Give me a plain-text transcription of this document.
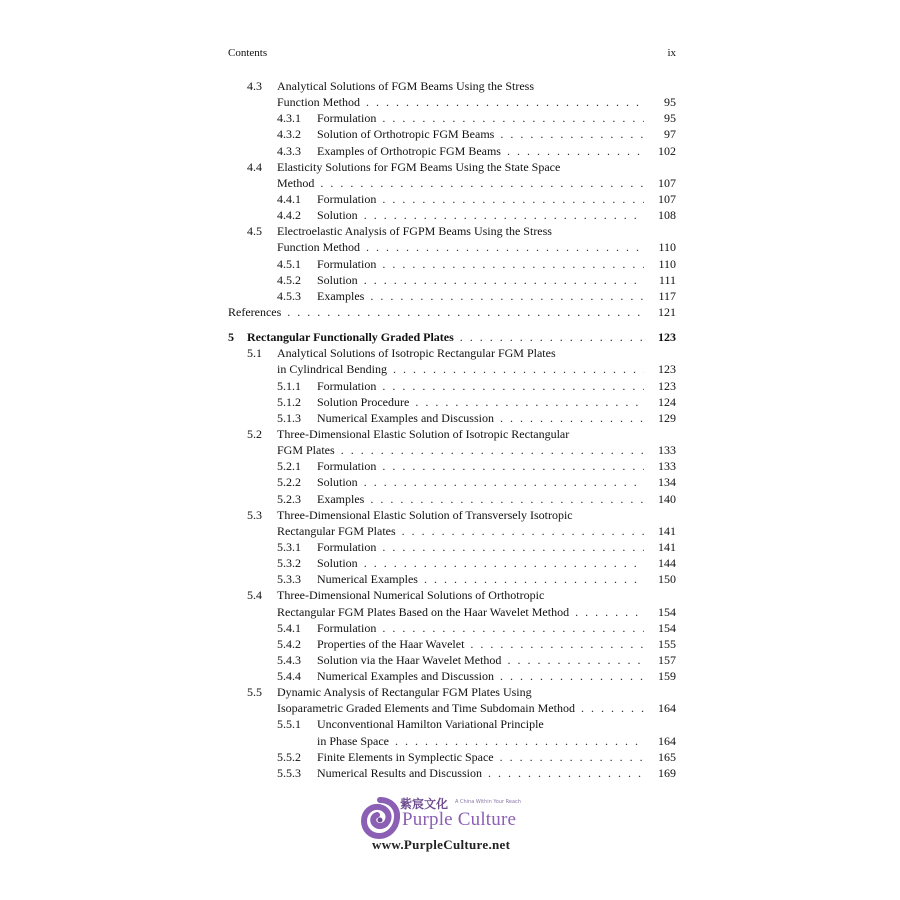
Contents	ix
4.3 Analytical Solutions of FGM Beams Using the Stress
Function Method . . .	95
4.3.1 Formulation . . .	95
4.3.2 Solution of Orthotropic FGM Beams . . .	97
4.3.3 Examples of Orthotropic FGM Beams . . .	102
4.4 Elasticity Solutions for FGM Beams Using the State Space
Method . . .	107
4.4.1 Formulation . . .	107
4.4.2 Solution . . .	108
4.5 Electroelastic Analysis of FGPM Beams Using the Stress
Function Method . . .	110
4.5.1 Formulation . . .	110
4.5.2 Solution . . .	111
4.5.3 Examples . . .	117
References . . .	121
5 Rectangular Functionally Graded Plates . . .	123
5.1 Analytical Solutions of Isotropic Rectangular FGM Plates
in Cylindrical Bending . . .	123
5.1.1 Formulation . . .	123
5.1.2 Solution Procedure . . .	124
5.1.3 Numerical Examples and Discussion . . .	129
5.2 Three-Dimensional Elastic Solution of Isotropic Rectangular
FGM Plates . . .	133
5.2.1 Formulation . . .	133
5.2.2 Solution . . .	134
5.2.3 Examples . . .	140
5.3 Three-Dimensional Elastic Solution of Transversely Isotropic
Rectangular FGM Plates . . .	141
5.3.1 Formulation . . .	141
5.3.2 Solution . . .	144
5.3.3 Numerical Examples . . .	150
5.4 Three-Dimensional Numerical Solutions of Orthotropic
Rectangular FGM Plates Based on the Haar Wavelet Method . . .	154
5.4.1 Formulation . . .	154
5.4.2 Properties of the Haar Wavelet . . .	155
5.4.3 Solution via the Haar Wavelet Method . . .	157
5.4.4 Numerical Examples and Discussion . . .	159
5.5 Dynamic Analysis of Rectangular FGM Plates Using
Isoparametric Graded Elements and Time Subdomain Method . . .	164
5.5.1 Unconventional Hamilton Variational Principle
in Phase Space . . .	164
5.5.2 Finite Elements in Symplectic Space . . .	165
5.5.3 Numerical Results and Discussion . . .	169
紫宸文化 A China Within Your Reach
Purple Culture
www.PurpleCulture.net
